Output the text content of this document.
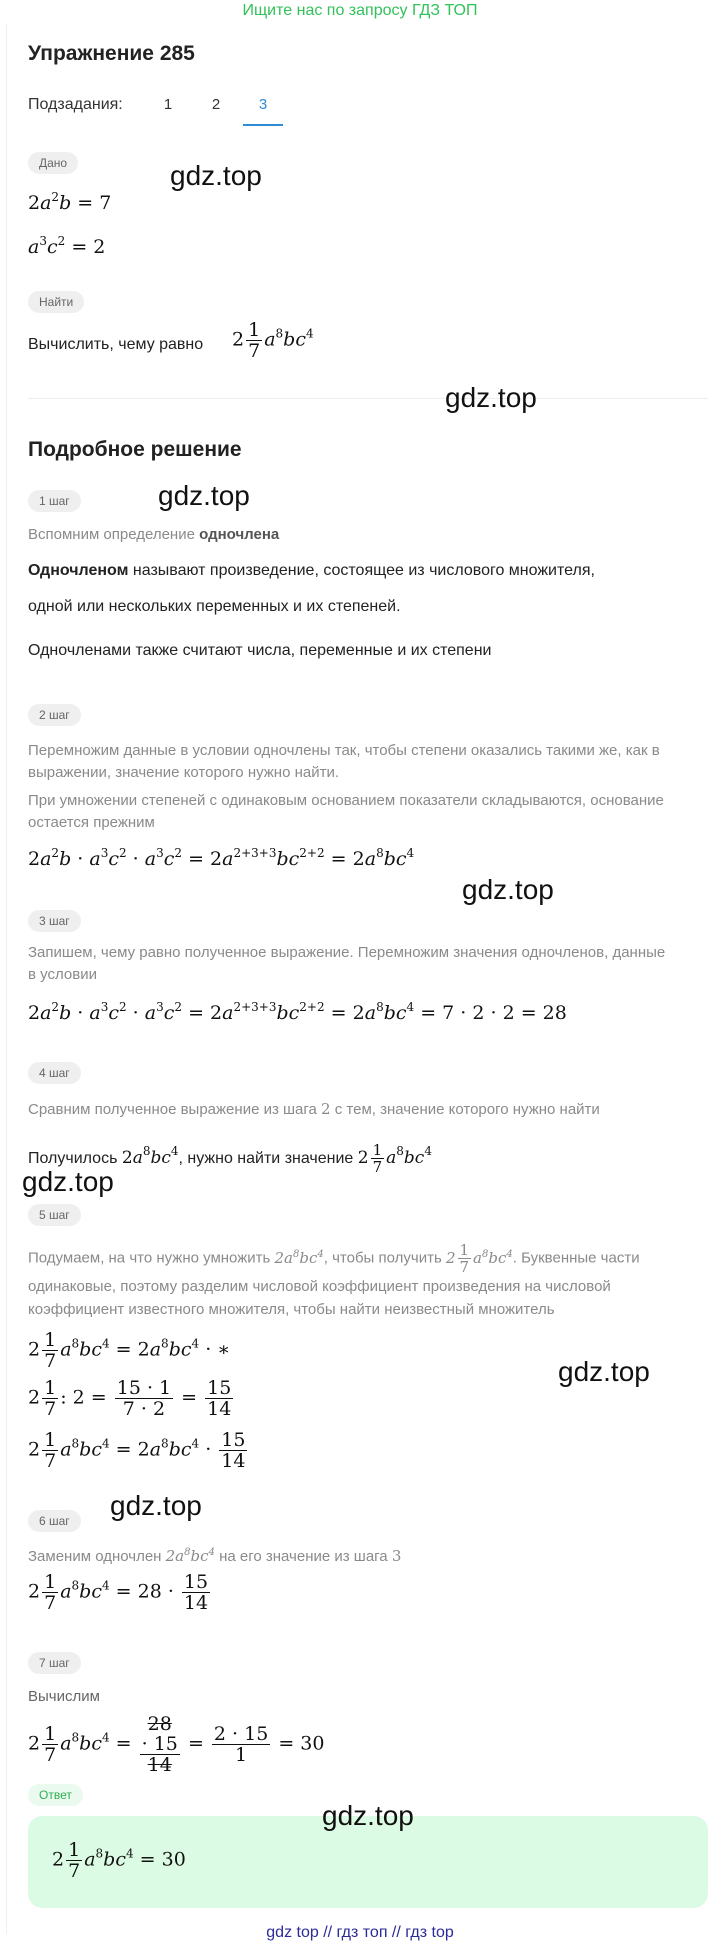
Ищите нас по запросу ГДЗ ТОП
Упражнение 285
Подзадания:	1	2	3
Дано
$2a^2b = 7$
$a^3c^2 = 2$
Найти
Вычислить, чему равно $2 \frac{1}{7} a^8bc^4$
Подробное решение
1 шаг
Вспомним определение одночлена
Одночленом называют произведение, состоящее из числового множителя,
одной или нескольких переменных и их степеней.
Одночленами также считают числа, переменные и их степени
2 шаг
Перемножим данные в условии одночлены так, чтобы степени оказались такими же, как в выражении, значение которого нужно найти.
При умножении степеней с одинаковым основанием показатели складываются, основание остается прежним
$2a^2b \cdot a^3c^2 \cdot a^3c^2 = 2a^{2+3+3}bc^{2+2} = 2a^8bc^4$
3 шаг
Запишем, чему равно полученное выражение. Перемножим значения одночленов, данные в условии
$2a^2b \cdot a^3c^2 \cdot a^3c^2 = 2a^{2+3+3}bc^{2+2} = 2a^8bc^4 = 7 \cdot 2 \cdot 2 = 28$
4 шаг
Сравним полученное выражение из шага 2 с тем, значение которого нужно найти
Получилось $2a^8bc^4$, нужно найти значение $2 \frac{1}{7} a^8bc^4$
5 шаг
Подумаем, на что нужно умножить $2a^8bc^4$, чтобы получить $2 \frac{1}{7} a^8bc^4$. Буквенные части
одинаковые, поэтому разделим числовой коэффициент произведения на числовой
коэффициент известного множителя, чтобы найти неизвестный множитель
$2 \frac{1}{7} a^8bc^4 = 2a^8bc^4$ · ∗
$2 \frac{1}{7}$ : $2 = \frac{15 \cdot 1}{7 \cdot 2} = \frac{15}{14}$
$2 \frac{1}{7} a^8bc^4 = 2a^8bc^4 \cdot \frac{15}{14}$
6 шаг
Заменим одночлен $2a^8bc^4$ на его значение из шага 3
$2 \frac{1}{7} a^8bc^4 = 28 \cdot \frac{15}{14}$
7 шаг
Вычислим
$2 \frac{1}{7} a^8bc^4 = 28$
· 15
$14 = \frac{2 \cdot 15}{1} = 30$
Ответ
$2 \frac{1}{7} a^8bc^4 = 30$
gdz.top
gdz.top
gdz.top
gdz.top
gdz.top
gdz.top
gdz.top
gdz.top
gdz top // гдз топ // гдз top
